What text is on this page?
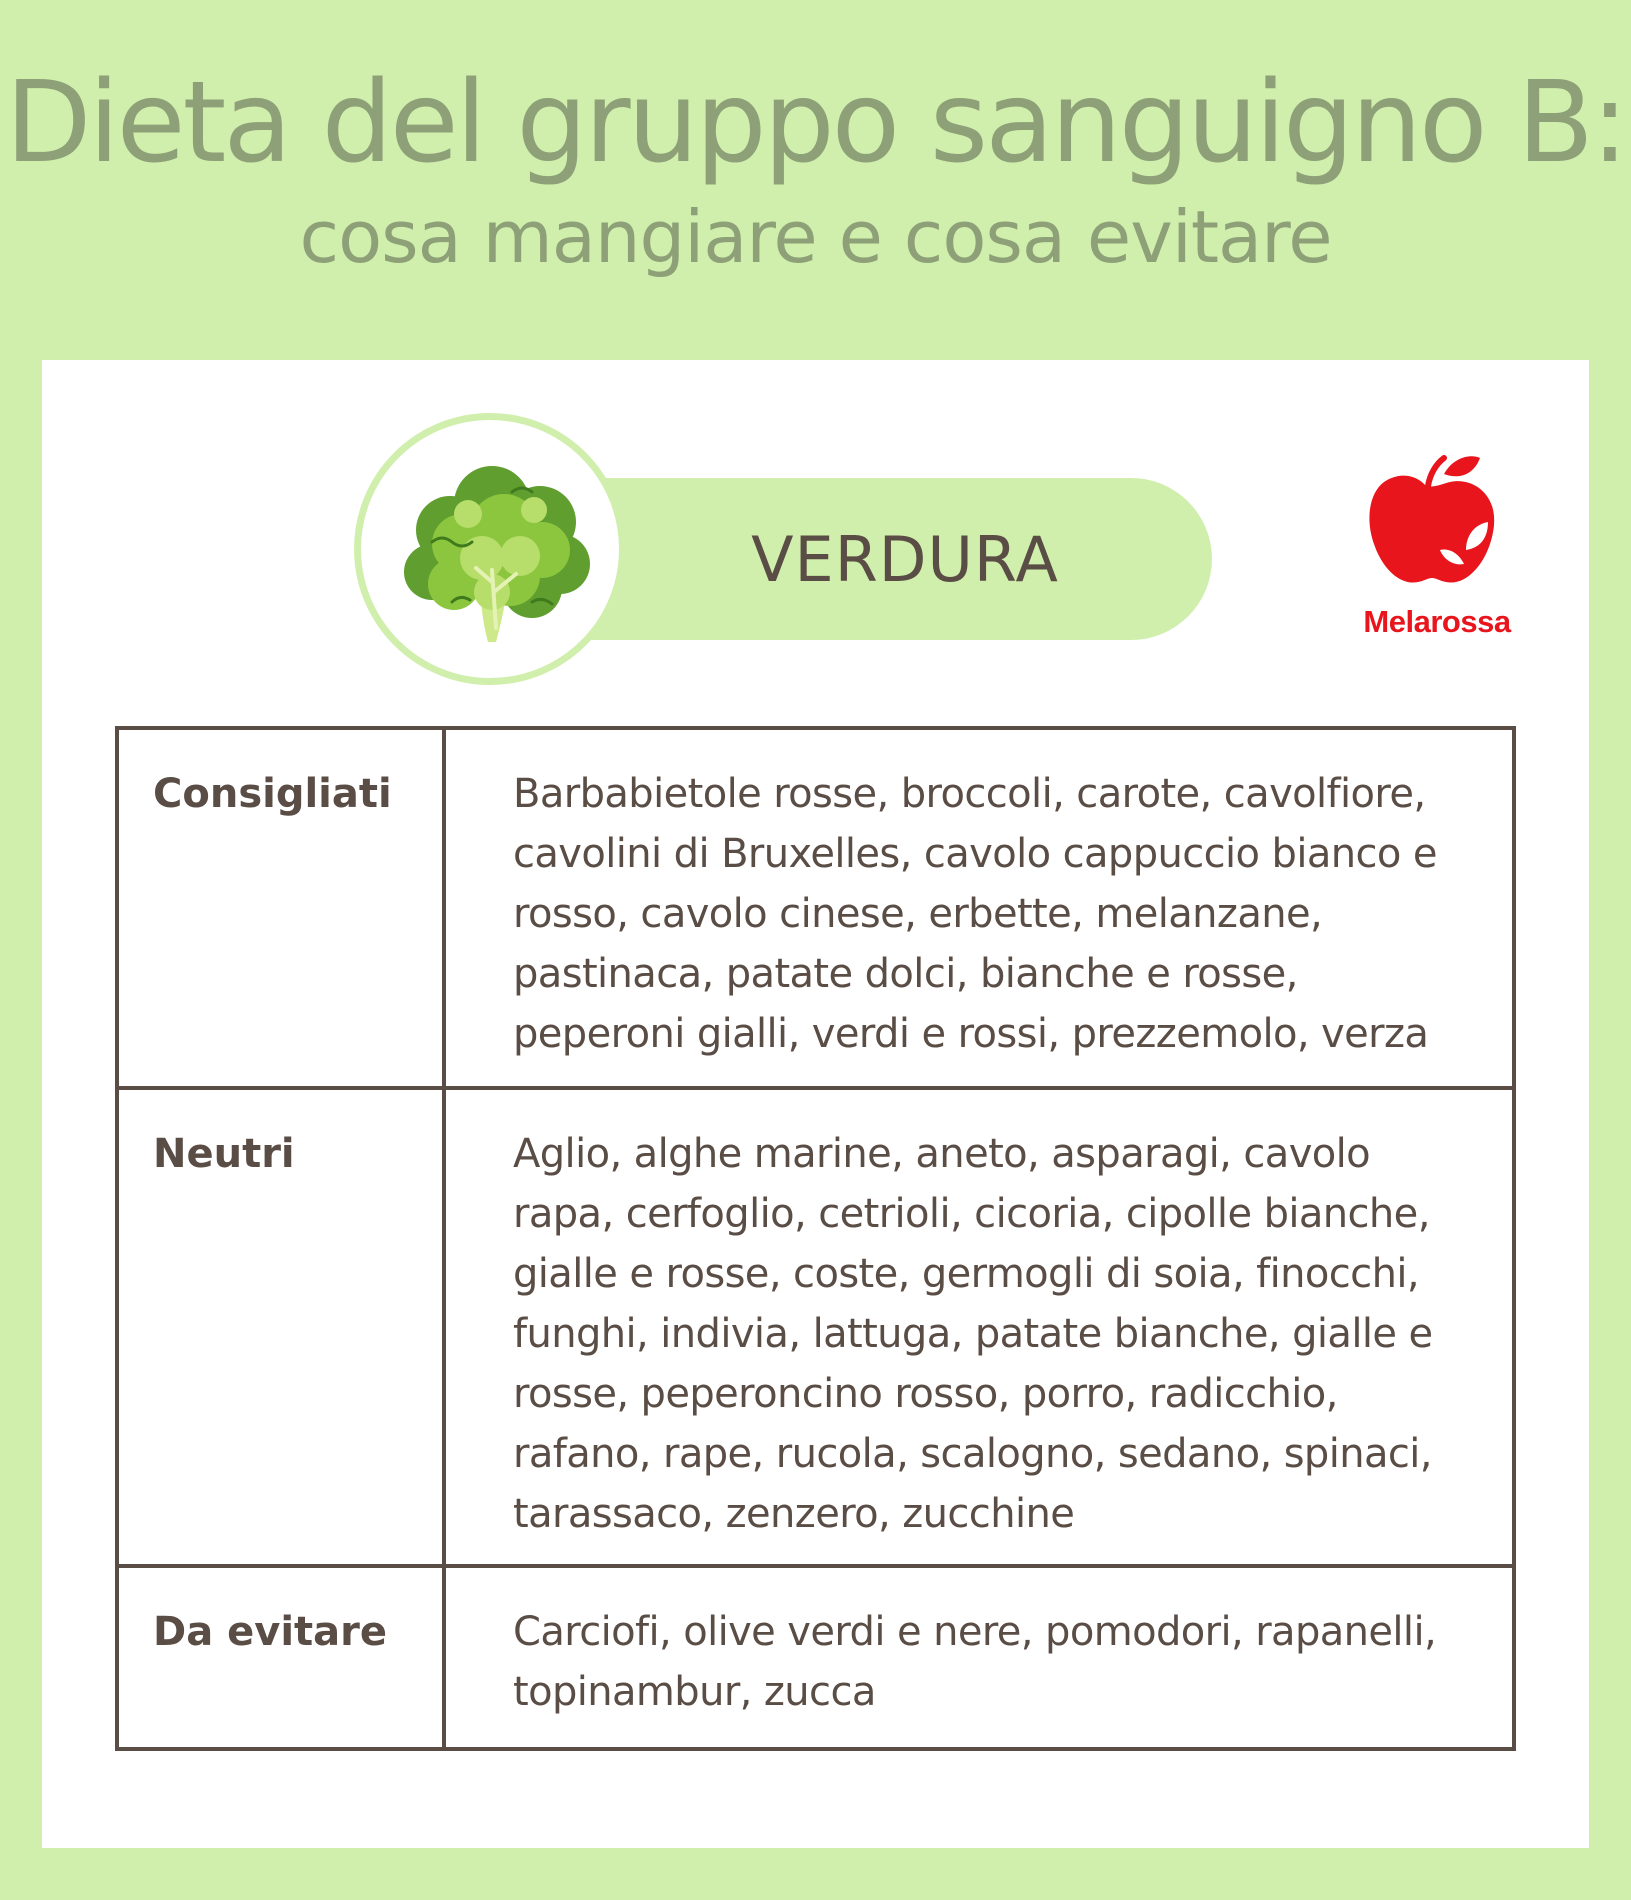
Dieta del gruppo sanguigno B:
cosa mangiare e cosa evitare
VERDURA
Melarossa
Consigliati	Barbabietole rosse, broccoli, carote, cavolfiore, cavolini di Bruxelles, cavolo cappuccio bianco e rosso, cavolo cinese, erbette, melanzane, pastinaca, patate dolci, bianche e rosse, peperoni gialli, verdi e rossi, prezzemolo, verza
Neutri	Aglio, alghe marine, aneto, asparagi, cavolo rapa, cerfoglio, cetrioli, cicoria, cipolle bianche, gialle e rosse, coste, germogli di soia, finocchi, funghi, indivia, lattuga, patate bianche, gialle e rosse, peperoncino rosso, porro, radicchio, rafano, rape, rucola, scalogno, sedano, spinaci, tarassaco, zenzero, zucchine
Da evitare	Carciofi, olive verdi e nere, pomodori, rapanelli, topinambur, zucca
